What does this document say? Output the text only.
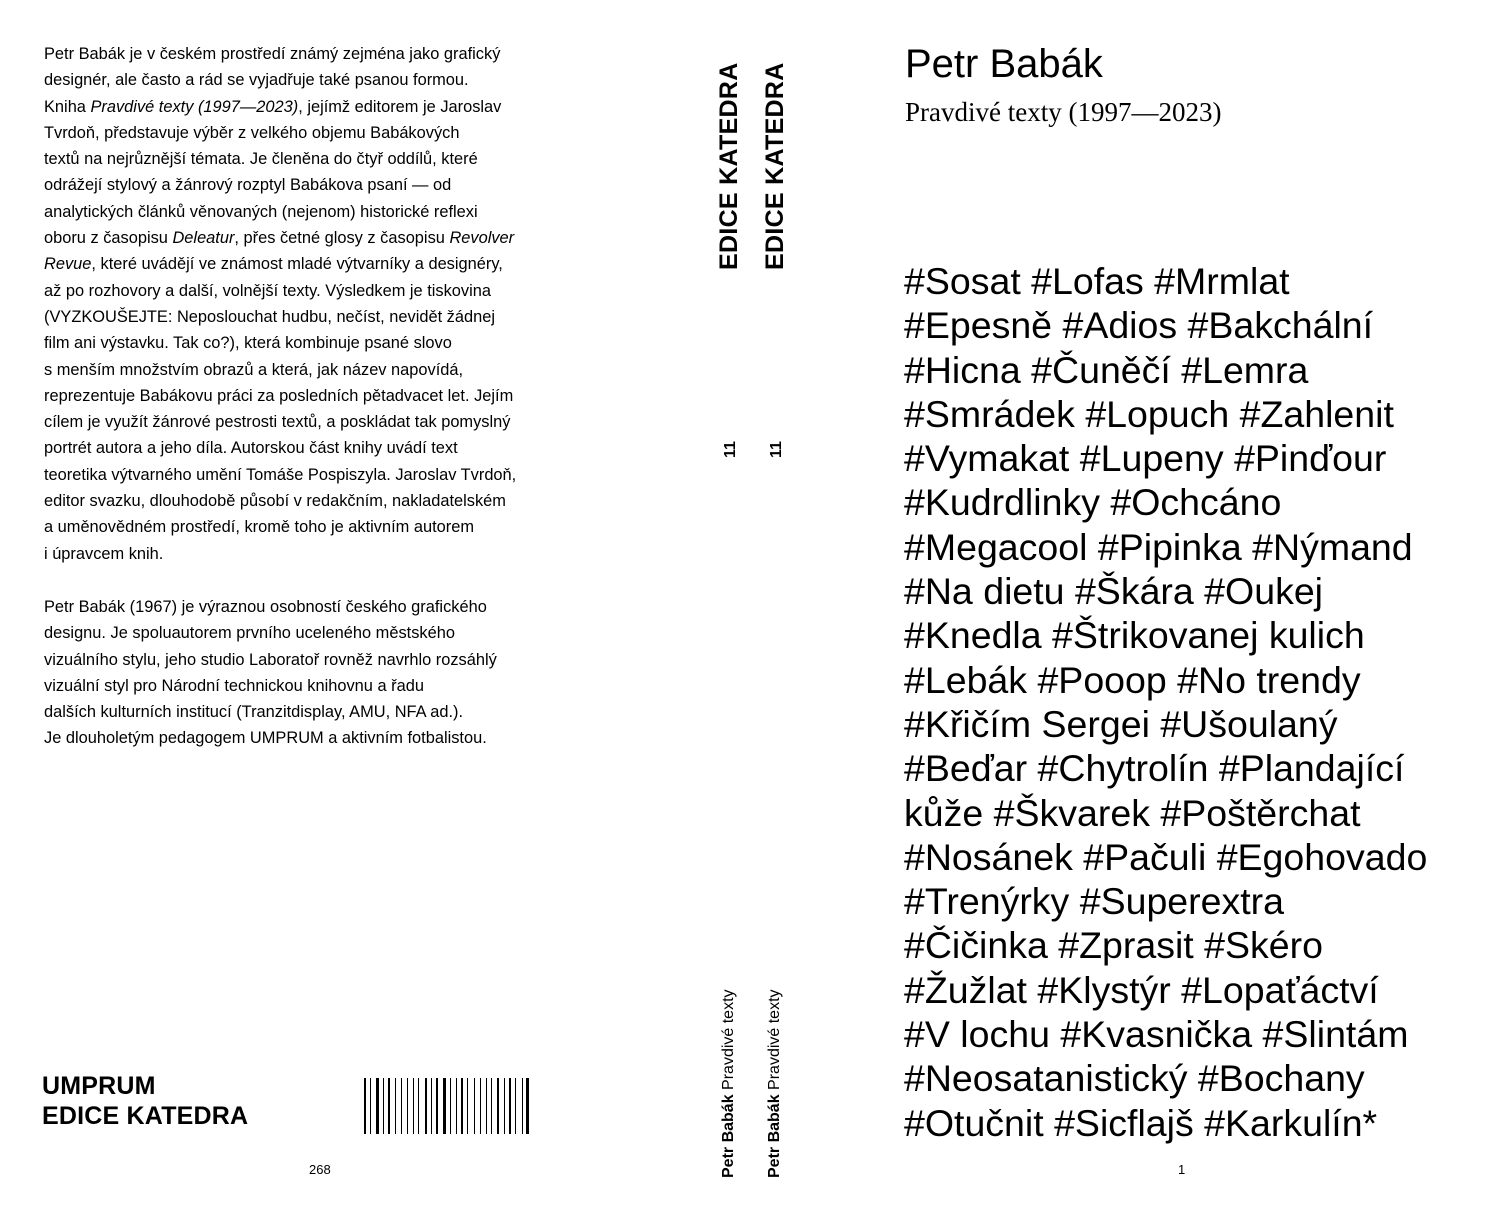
Petr Babák je v českém prostředí známý zejména jako grafický
designér, ale často a rád se vyjadřuje také psanou formou.
Kniha Pravdivé texty (1997—2023), jejímž editorem je Jaroslav
Tvrdoň, představuje výběr z velkého objemu Babákových
textů na nejrůznější témata. Je členěna do čtyř oddílů, které
odrážejí stylový a žánrový rozptyl Babákova psaní — od
analytických článků věnovaných (nejenom) historické reflexi
oboru z časopisu Deleatur, přes četné glosy z časopisu Revolver
Revue, které uvádějí ve známost mladé výtvarníky a designéry,
až po rozhovory a další, volnější texty. Výsledkem je tiskovina
(VYZKOUŠEJTE: Neposlouchat hudbu, nečíst, nevidět žádnej
film ani výstavku. Tak co?), která kombinuje psané slovo
s menším množstvím obrazů a která, jak název napovídá,
reprezentuje Babákovu práci za posledních pětadvacet let. Jejím
cílem je využít žánrové pestrosti textů, a poskládat tak pomyslný
portrét autora a jeho díla. Autorskou část knihy uvádí text
teoretika výtvarného umění Tomáše Pospiszyla. Jaroslav Tvrdoň,
editor svazku, dlouhodobě působí v redakčním, nakladatelském
a uměnovědném prostředí, kromě toho je aktivním autorem
i úpravcem knih.
Petr Babák (1967) je výraznou osobností českého grafického
designu. Je spoluautorem prvního uceleného městského
vizuálního stylu, jeho studio Laboratoř rovněž navrhlo rozsáhlý
vizuální styl pro Národní technickou knihovnu a řadu
dalších kulturních institucí (Tranzitdisplay, AMU, NFA ad.).
Je dlouholetým pedagogem UMPRUM a aktivním fotbalistou.
UMPRUM
EDICE KATEDRA
268
EDICE KATEDRA
11
Petr Babák Pravdivé texty
EDICE KATEDRA
11
Petr Babák Pravdivé texty
Petr Babák
Pravdivé texty (1997—2023)
#Sosat #Lofas #Mrmlat
#Epesně #Adios #Bakchální
#Hicna #Čuněčí #Lemra
#Smrádek #Lopuch #Zahlenit
#Vymakat #Lupeny #Pinďour
#Kudrdlinky #Ochcáno
#Megacool #Pipinka #Nýmand
#Na dietu #Škára #Oukej
#Knedla #Štrikovanej kulich
#Lebák #Pooop #No trendy
#Křičím Sergei #Ušoulaný
#Beďar #Chytrolín #Plandající
kůže #Škvarek #Poštěrchat
#Nosánek #Pačuli #Egohovado
#Trenýrky #Superextra
#Čičinka #Zprasit #Skéro
#Žužlat #Klystýr #Lopaťáctví
#V lochu #Kvasnička #Slintám
#Neosatanistický #Bochany
#Otučnit #Sicflajš #Karkulín*
1
